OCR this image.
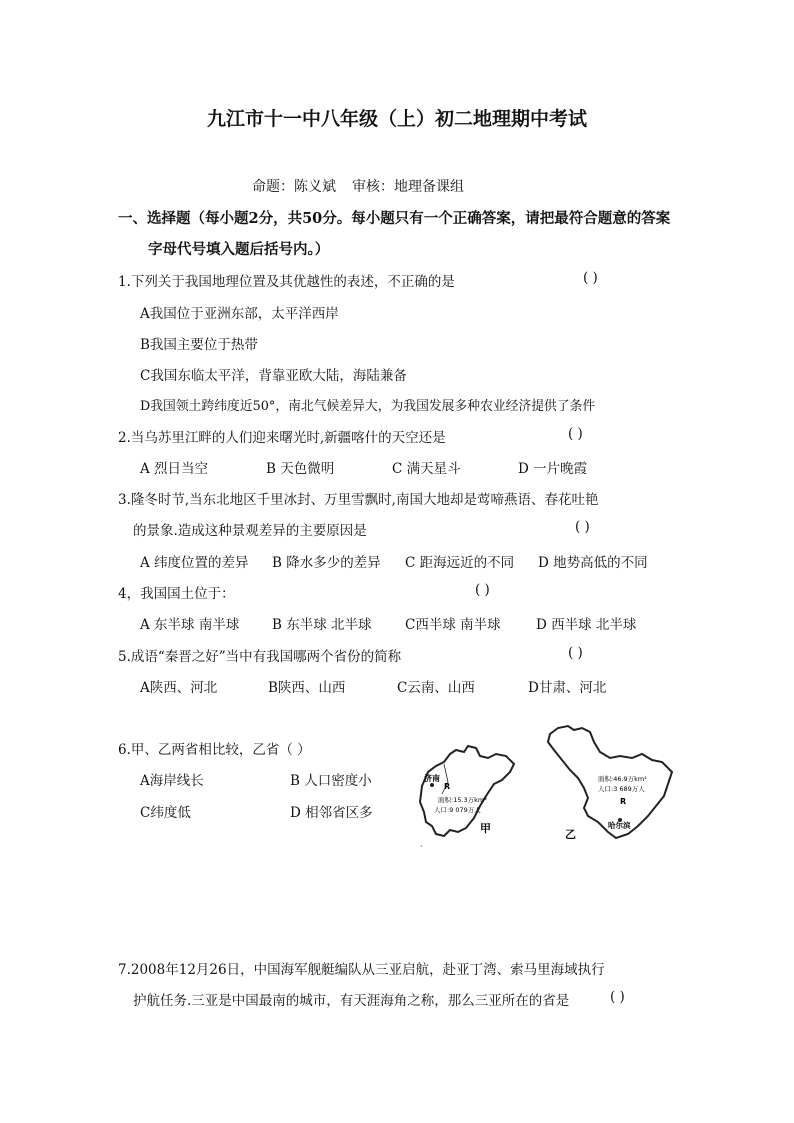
九江市十一中八年级（上）初二地理期中考试
命题：陈义斌 审核：地理备课组
一、选择题（每小题2分，共50分。每小题只有一个正确答案，请把最符合题意的答案
字母代号填入题后括号内。）
1.下列关于我国地理位置及其优越性的表述，不正确的是	( )
A我国位于亚洲东部，太平洋西岸
B我国主要位于热带
C我国东临太平洋，背靠亚欧大陆，海陆兼备
D我国领土跨纬度近50°，南北气候差异大，为我国发展多种农业经济提供了条件
2.当乌苏里江畔的人们迎来曙光时,新疆喀什的天空还是	( )
A 烈日当空	B 天色微明	C 满天星斗	D 一片晚霞
3.隆冬时节,当东北地区千里冰封、万里雪飘时,南国大地却是莺啼燕语、春花吐艳
的景象.造成这种景观差异的主要原因是	( )
A 纬度位置的差异 B 降水多少的差异 C 距海远近的不同 D 地势高低的不同
4，我国国土位于：	( )
A 东半球 南半球 B 东半球 北半球 C西半球 南半球	D 西半球 北半球
5.成语“秦晋之好”当中有我国哪两个省份的简称	( )
A陕西、河北	B陕西、山西	C云南、山西	D甘肃、河北
6.甲、乙两省相比较，乙省（ ）
A海岸线长	B 人口密度小
C纬度低	D 相邻省区多
济南
R
面积:15.3万km²
人口:9 079万人
甲
·
面积:46.9万km²
人口:3 689万人
R
哈尔滨
乙
7.2008年12月26日，中国海军舰艇编队从三亚启航，赴亚丁湾、索马里海域执行
护航任务.三亚是中国最南的城市，有天涯海角之称，那么三亚所在的省是	( )
